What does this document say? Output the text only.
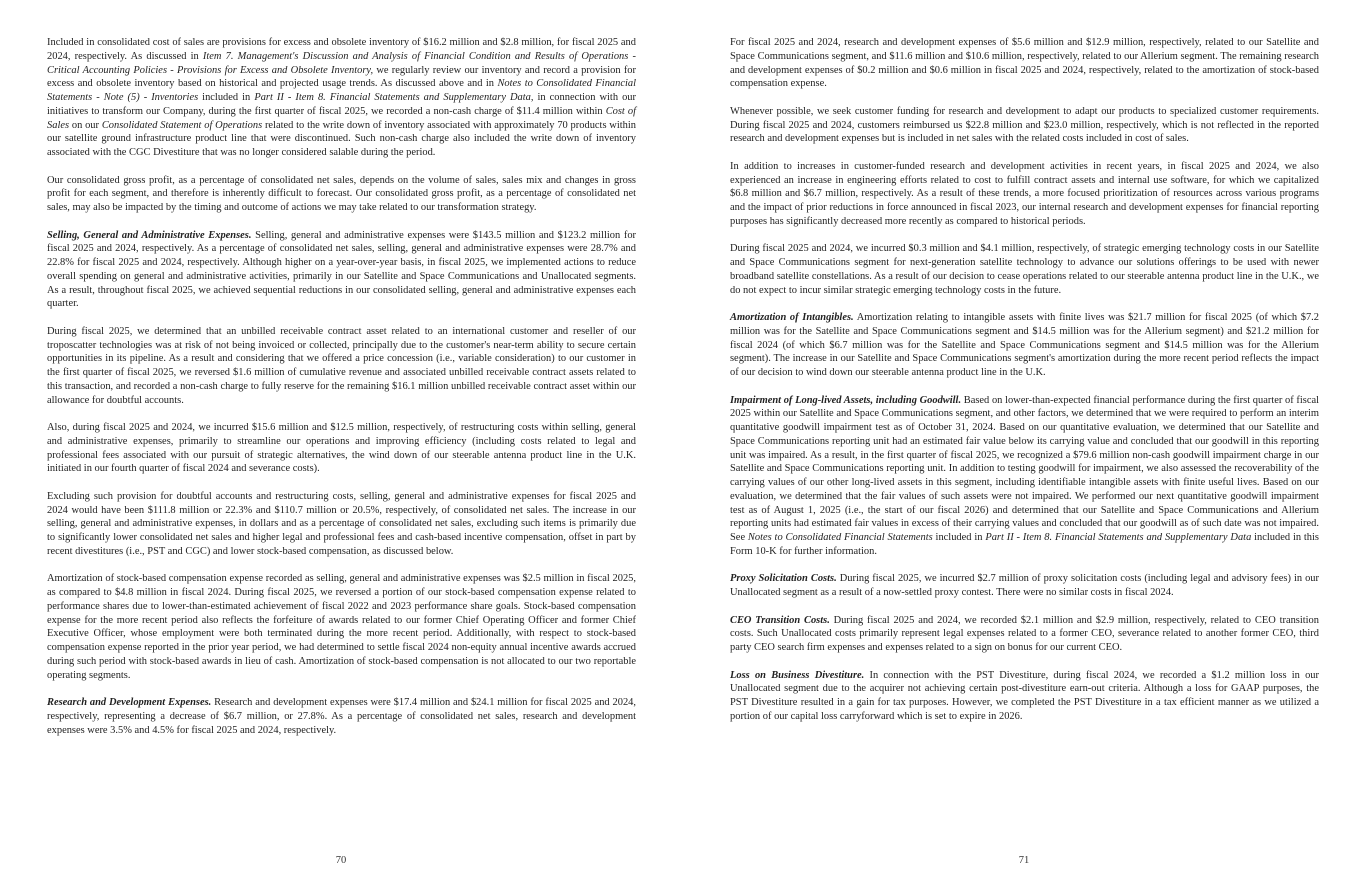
Included in consolidated cost of sales are provisions for excess and obsolete inventory of $16.2 million and $2.8 million, for fiscal 2025 and 2024, respectively. As discussed in Item 7. Management's Discussion and Analysis of Financial Condition and Results of Operations - Critical Accounting Policies - Provisions for Excess and Obsolete Inventory, we regularly review our inventory and record a provision for excess and obsolete inventory based on historical and projected usage trends. As discussed above and in Notes to Consolidated Financial Statements - Note (5) - Inventories included in Part II - Item 8. Financial Statements and Supplementary Data, in connection with our initiatives to transform our Company, during the first quarter of fiscal 2025, we recorded a non-cash charge of $11.4 million within Cost of Sales on our Consolidated Statement of Operations related to the write down of inventory associated with approximately 70 products within our satellite ground infrastructure product line that were discontinued. Such non-cash charge also included the write down of inventory associated with the CGC Divestiture that was no longer considered salable during the period.

Our consolidated gross profit, as a percentage of consolidated net sales, depends on the volume of sales, sales mix and changes in gross profit for each segment, and therefore is inherently difficult to forecast. Our consolidated gross profit, as a percentage of consolidated net sales, may also be impacted by the timing and outcome of actions we may take related to our transformation strategy.

Selling, General and Administrative Expenses. Selling, general and administrative expenses were $143.5 million and $123.2 million for fiscal 2025 and 2024, respectively. As a percentage of consolidated net sales, selling, general and administrative expenses were 28.7% and 22.8% for fiscal 2025 and 2024, respectively. Although higher on a year-over-year basis, in fiscal 2025, we implemented actions to reduce overall spending on general and administrative activities, primarily in our Satellite and Space Communications and Unallocated segments. As a result, throughout fiscal 2025, we achieved sequential reductions in our consolidated selling, general and administrative expenses each quarter.

During fiscal 2025, we determined that an unbilled receivable contract asset related to an international customer and reseller of our troposcatter technologies was at risk of not being invoiced or collected, principally due to the customer's near-term ability to secure certain opportunities in its pipeline. As a result and considering that we offered a price concession (i.e., variable consideration) to our customer in the first quarter of fiscal 2025, we reversed $1.6 million of cumulative revenue and associated unbilled receivable contract assets related to this transaction, and recorded a non-cash charge to fully reserve for the remaining $16.1 million unbilled receivable contract asset within our allowance for doubtful accounts.

Also, during fiscal 2025 and 2024, we incurred $15.6 million and $12.5 million, respectively, of restructuring costs within selling, general and administrative expenses, primarily to streamline our operations and improving efficiency (including costs related to legal and professional fees associated with our pursuit of strategic alternatives, the wind down of our steerable antenna product line in the U.K. initiated in our fourth quarter of fiscal 2024 and severance costs).

Excluding such provision for doubtful accounts and restructuring costs, selling, general and administrative expenses for fiscal 2025 and 2024 would have been $111.8 million or 22.3% and $110.7 million or 20.5%, respectively, of consolidated net sales. The increase in our selling, general and administrative expenses, in dollars and as a percentage of consolidated net sales, excluding such items is primarily due to significantly lower consolidated net sales and higher legal and professional fees and cash-based incentive compensation, offset in part by recent divestitures (i.e., PST and CGC) and lower stock-based compensation, as discussed below.

Amortization of stock-based compensation expense recorded as selling, general and administrative expenses was $2.5 million in fiscal 2025, as compared to $4.8 million in fiscal 2024. During fiscal 2025, we reversed a portion of our stock-based compensation expense related to performance shares due to lower-than-estimated achievement of fiscal 2022 and 2023 performance share goals. Stock-based compensation expense for the more recent period also reflects the forfeiture of awards related to our former Chief Operating Officer and former Chief Executive Officer, whose employment were both terminated during the more recent period. Additionally, with respect to stock-based compensation expense reported in the prior year period, we had determined to settle fiscal 2024 non-equity annual incentive awards accrued during such period with stock-based awards in lieu of cash. Amortization of stock-based compensation is not allocated to our two reportable operating segments.

Research and Development Expenses. Research and development expenses were $17.4 million and $24.1 million for fiscal 2025 and 2024, respectively, representing a decrease of $6.7 million, or 27.8%. As a percentage of consolidated net sales, research and development expenses were 3.5% and 4.5% for fiscal 2025 and 2024, respectively.

70

For fiscal 2025 and 2024, research and development expenses of $5.6 million and $12.9 million, respectively, related to our Satellite and Space Communications segment, and $11.6 million and $10.6 million, respectively, related to our Allerium segment. The remaining research and development expenses of $0.2 million and $0.6 million in fiscal 2025 and 2024, respectively, related to the amortization of stock-based compensation expense.

Whenever possible, we seek customer funding for research and development to adapt our products to specialized customer requirements. During fiscal 2025 and 2024, customers reimbursed us $22.8 million and $23.0 million, respectively, which is not reflected in the reported research and development expenses but is included in net sales with the related costs included in cost of sales.

In addition to increases in customer-funded research and development activities in recent years, in fiscal 2025 and 2024, we also experienced an increase in engineering efforts related to cost to fulfill contract assets and internal use software, for which we capitalized $6.8 million and $6.7 million, respectively. As a result of these trends, a more focused prioritization of resources across various programs and the impact of prior reductions in force announced in fiscal 2023, our internal research and development expenses for financial reporting purposes has significantly decreased more recently as compared to historical periods.

During fiscal 2025 and 2024, we incurred $0.3 million and $4.1 million, respectively, of strategic emerging technology costs in our Satellite and Space Communications segment for next-generation satellite technology to advance our solutions offerings to be used with newer broadband satellite constellations. As a result of our decision to cease operations related to our steerable antenna product line in the U.K., we do not expect to incur similar strategic emerging technology costs in the future.

Amortization of Intangibles. Amortization relating to intangible assets with finite lives was $21.7 million for fiscal 2025 (of which $7.2 million was for the Satellite and Space Communications segment and $14.5 million was for the Allerium segment) and $21.2 million for fiscal 2024 (of which $6.7 million was for the Satellite and Space Communications segment and $14.5 million was for the Allerium segment). The increase in our Satellite and Space Communications segment's amortization during the more recent period reflects the impact of our decision to wind down our steerable antenna product line in the U.K.

Impairment of Long-lived Assets, including Goodwill. Based on lower-than-expected financial performance during the first quarter of fiscal 2025 within our Satellite and Space Communications segment, and other factors, we determined that we were required to perform an interim quantitative goodwill impairment test as of October 31, 2024. Based on our quantitative evaluation, we determined that our Satellite and Space Communications reporting unit had an estimated fair value below its carrying value and concluded that our goodwill in this reporting unit was impaired. As a result, in the first quarter of fiscal 2025, we recognized a $79.6 million non-cash goodwill impairment charge in our Satellite and Space Communications reporting unit. In addition to testing goodwill for impairment, we also assessed the recoverability of the carrying values of our other long-lived assets in this segment, including identifiable intangible assets with finite useful lives. Based on our evaluation, we determined that the fair values of such assets were not impaired. We performed our next quantitative goodwill impairment test as of August 1, 2025 (i.e., the start of our fiscal 2026) and determined that our Satellite and Space Communications and Allerium reporting units had estimated fair values in excess of their carrying values and concluded that our goodwill as of such date was not impaired. See Notes to Consolidated Financial Statements included in Part II - Item 8. Financial Statements and Supplementary Data included in this Form 10-K for further information.

Proxy Solicitation Costs. During fiscal 2025, we incurred $2.7 million of proxy solicitation costs (including legal and advisory fees) in our Unallocated segment as a result of a now-settled proxy contest. There were no similar costs in fiscal 2024.

CEO Transition Costs. During fiscal 2025 and 2024, we recorded $2.1 million and $2.9 million, respectively, related to CEO transition costs. Such Unallocated costs primarily represent legal expenses related to a former CEO, severance related to another former CEO, third party CEO search firm expenses and expenses related to a sign on bonus for our current CEO.

Loss on Business Divestiture. In connection with the PST Divestiture, during fiscal 2024, we recorded a $1.2 million loss in our Unallocated segment due to the acquirer not achieving certain post-divestiture earn-out criteria. Although a loss for GAAP purposes, the PST Divestiture resulted in a gain for tax purposes. However, we completed the PST Divestiture in a tax efficient manner as we utilized a portion of our capital loss carryforward which is set to expire in 2026.

71
